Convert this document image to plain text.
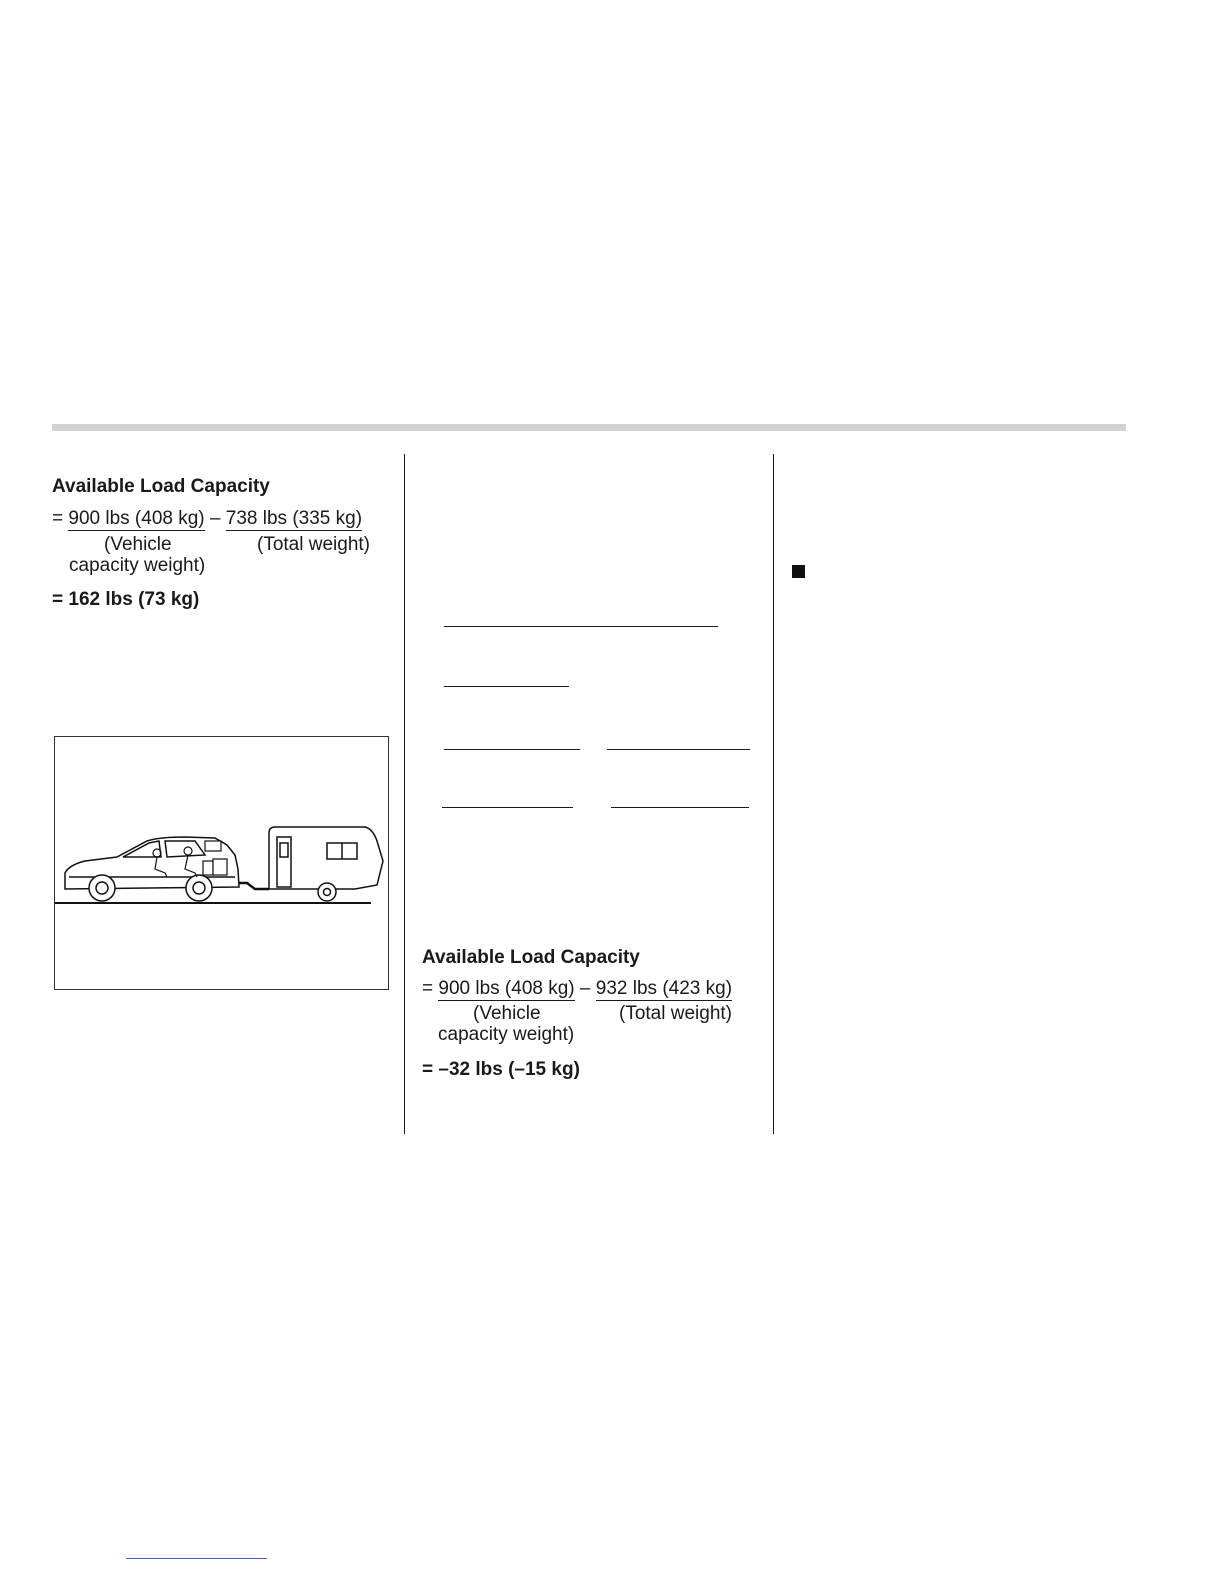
Available Load Capacity
= 900 lbs (408 kg) – 738 lbs (335 kg)
(Vehicle	(Total weight)
capacity weight)
= 162 lbs (73 kg)
Available Load Capacity
= 900 lbs (408 kg) – 932 lbs (423 kg)
(Vehicle	(Total weight)
capacity weight)
= –32 lbs (–15 kg)
